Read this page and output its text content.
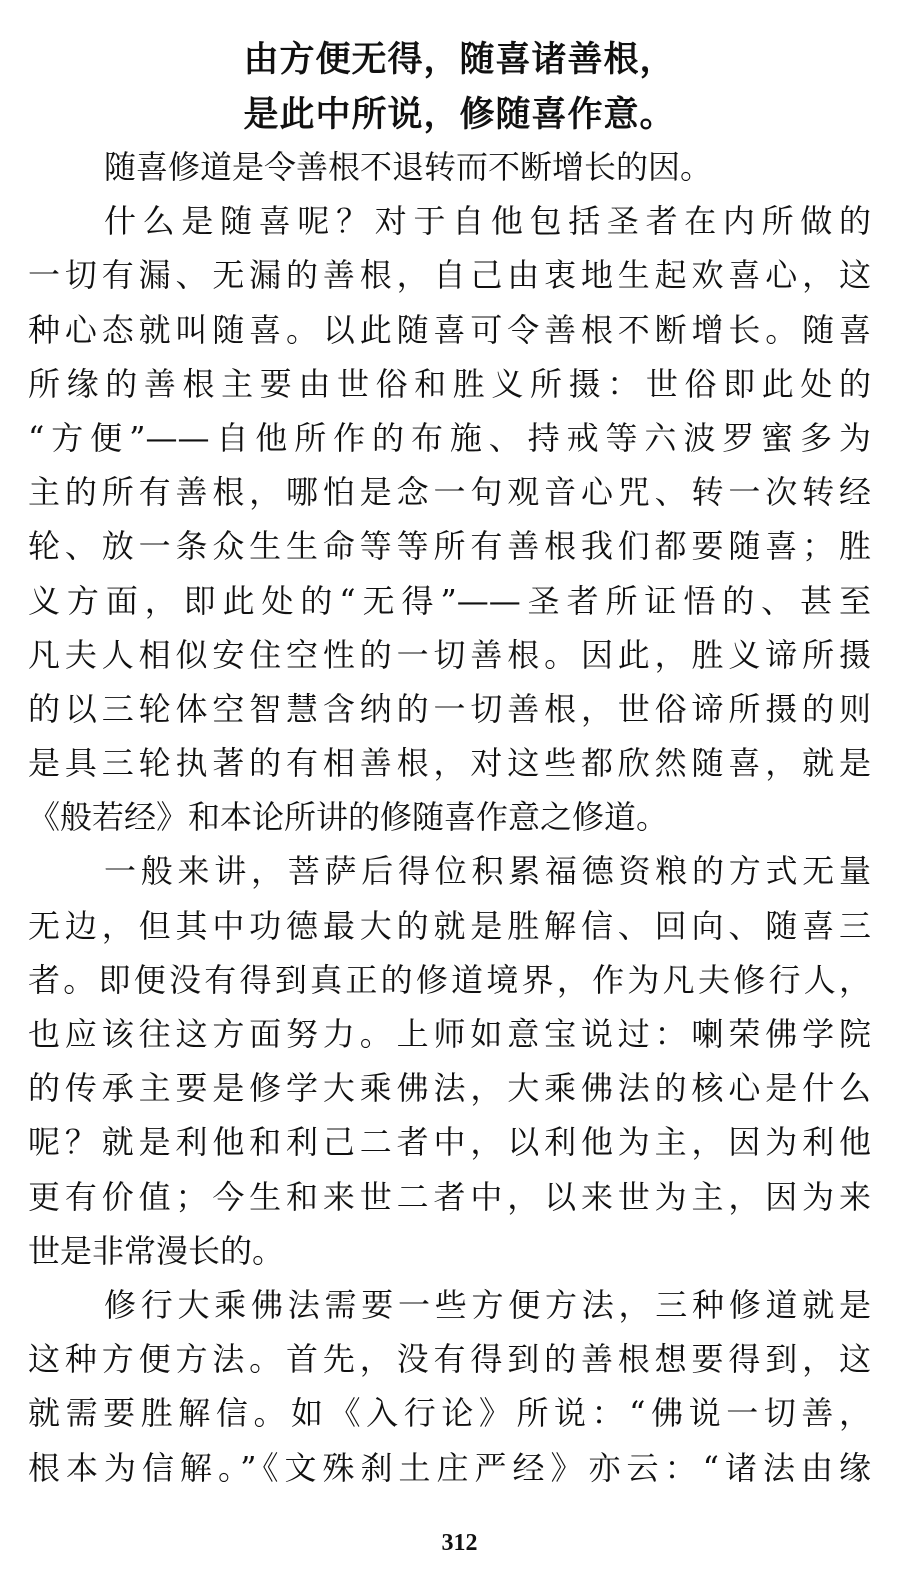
由方便无得，随喜诸善根，
是此中所说，修随喜作意。
随喜修道是令善根不退转而不断增长的因。
什么是随喜呢？对于自他包括圣者在内所做的
一切有漏、无漏的善根，自己由衷地生起欢喜心，这
种心态就叫随喜。以此随喜可令善根不断增长。随喜
所缘的善根主要由世俗和胜义所摄：世俗即此处的
“方便”——自他所作的布施、持戒等六波罗蜜多为
主的所有善根，哪怕是念一句观音心咒、转一次转经
轮、放一条众生生命等等所有善根我们都要随喜；胜
义方面，即此处的“无得”——圣者所证悟的、甚至
凡夫人相似安住空性的一切善根。因此，胜义谛所摄
的以三轮体空智慧含纳的一切善根，世俗谛所摄的则
是具三轮执著的有相善根，对这些都欣然随喜，就是
《般若经》和本论所讲的修随喜作意之修道。
一般来讲，菩萨后得位积累福德资粮的方式无量
无边，但其中功德最大的就是胜解信、回向、随喜三
者。即便没有得到真正的修道境界，作为凡夫修行人，
也应该往这方面努力。上师如意宝说过：喇荣佛学院
的传承主要是修学大乘佛法，大乘佛法的核心是什么
呢？就是利他和利己二者中，以利他为主，因为利他
更有价值；今生和来世二者中，以来世为主，因为来
世是非常漫长的。
修行大乘佛法需要一些方便方法，三种修道就是
这种方便方法。首先，没有得到的善根想要得到，这
就需要胜解信。如《入行论》所说：“佛说一切善，
根本为信解。”《文殊刹土庄严经》亦云：“诸法由缘
312
